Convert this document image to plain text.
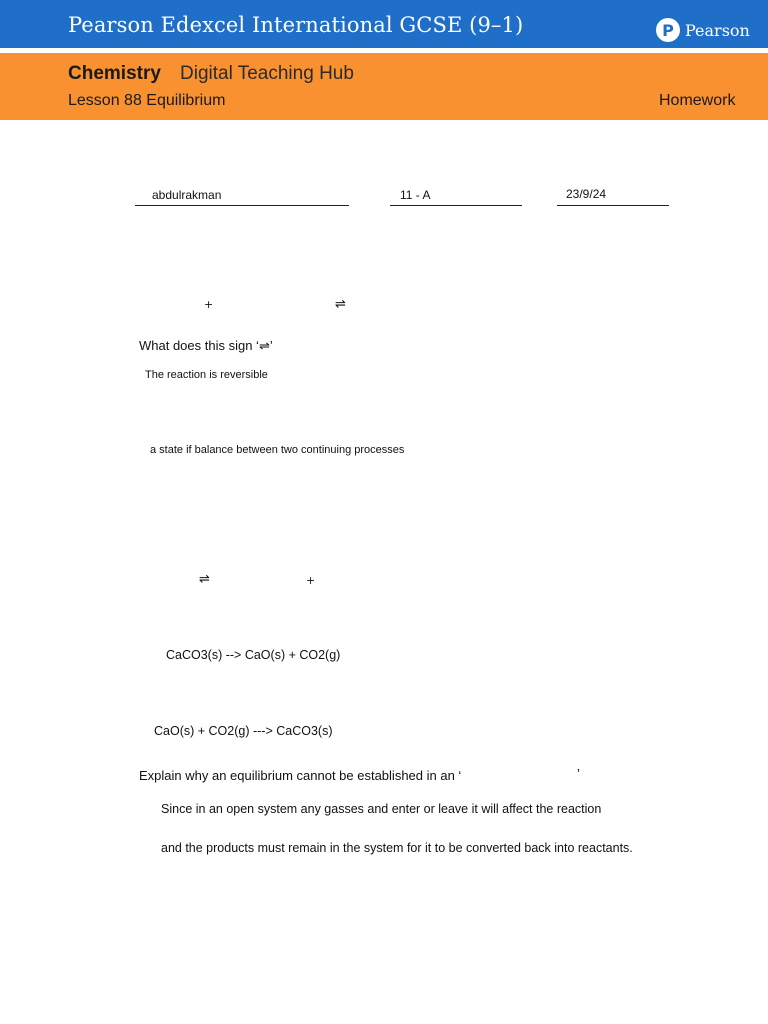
Pearson Edexcel International GCSE (9–1)	P Pearson
Chemistry Digital Teaching Hub
Lesson 88 Equilibrium	Homework
abdulrakman	11 - A	23/9/24
+	⇌
What does this sign ‘⇌’
The reaction is reversible
a state if balance between two continuing processes
⇌	+
CaCO3(s) --> CaO(s) + CO2(g)
CaO(s) + CO2(g) ---> CaCO3(s)
Explain why an equilibrium cannot be established in an ‘	’
Since in an open system any gasses and enter or leave it will affect the reaction
and the products must remain in the system for it to be converted back into reactants.
